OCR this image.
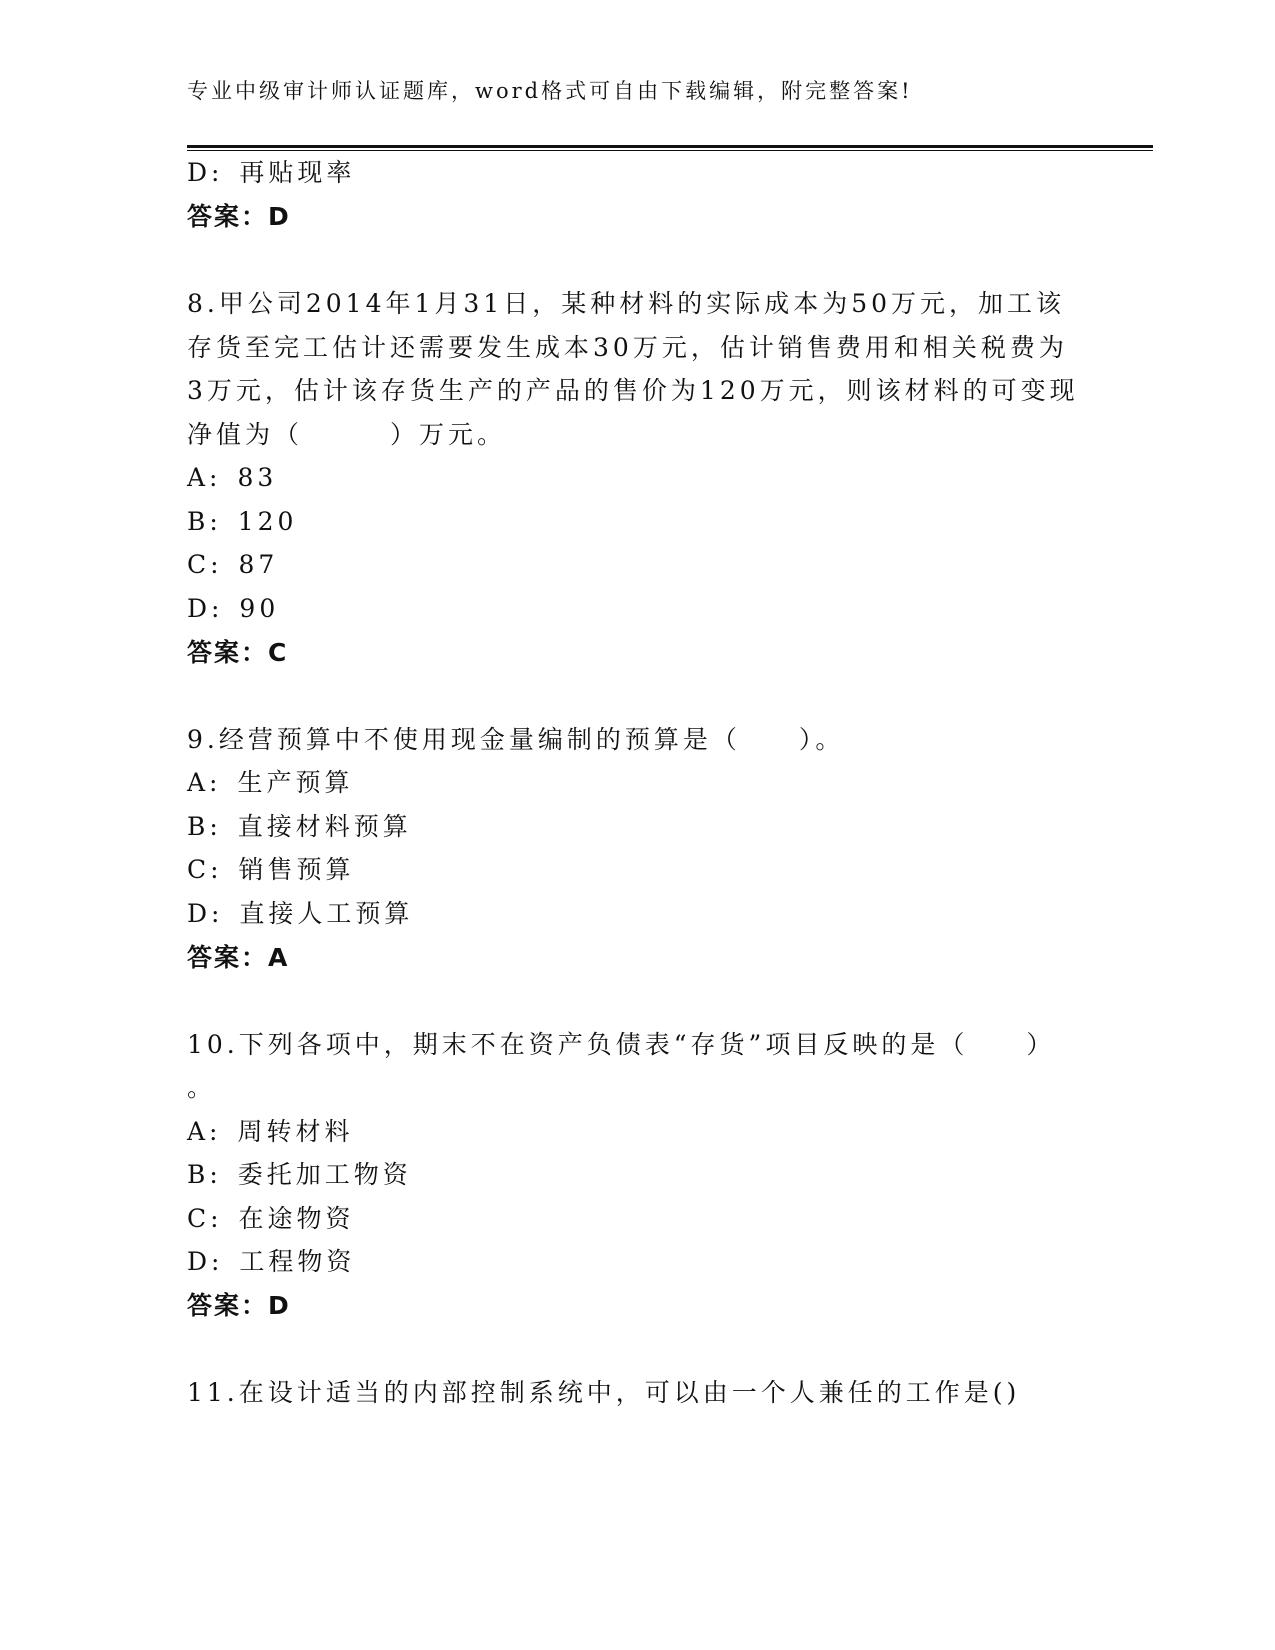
专业中级审计师认证题库，word格式可自由下载编辑，附完整答案!
D: 再贴现率
答案：D
8.甲公司2014年1月31日，某种材料的实际成本为50万元，加工该
存货至完工估计还需要发生成本30万元，估计销售费用和相关税费为
3万元，估计该存货生产的产品的售价为120万元，则该材料的可变现
净值为（　　　）万元。
A: 83
B: 120
C: 87
D: 90
答案：C
9.经营预算中不使用现金量编制的预算是（　　）。
A: 生产预算
B: 直接材料预算
C: 销售预算
D: 直接人工预算
答案：A
10.下列各项中，期末不在资产负债表“存货”项目反映的是（　　）
。
A: 周转材料
B: 委托加工物资
C: 在途物资
D: 工程物资
答案：D
11.在设计适当的内部控制系统中，可以由一个人兼任的工作是()
